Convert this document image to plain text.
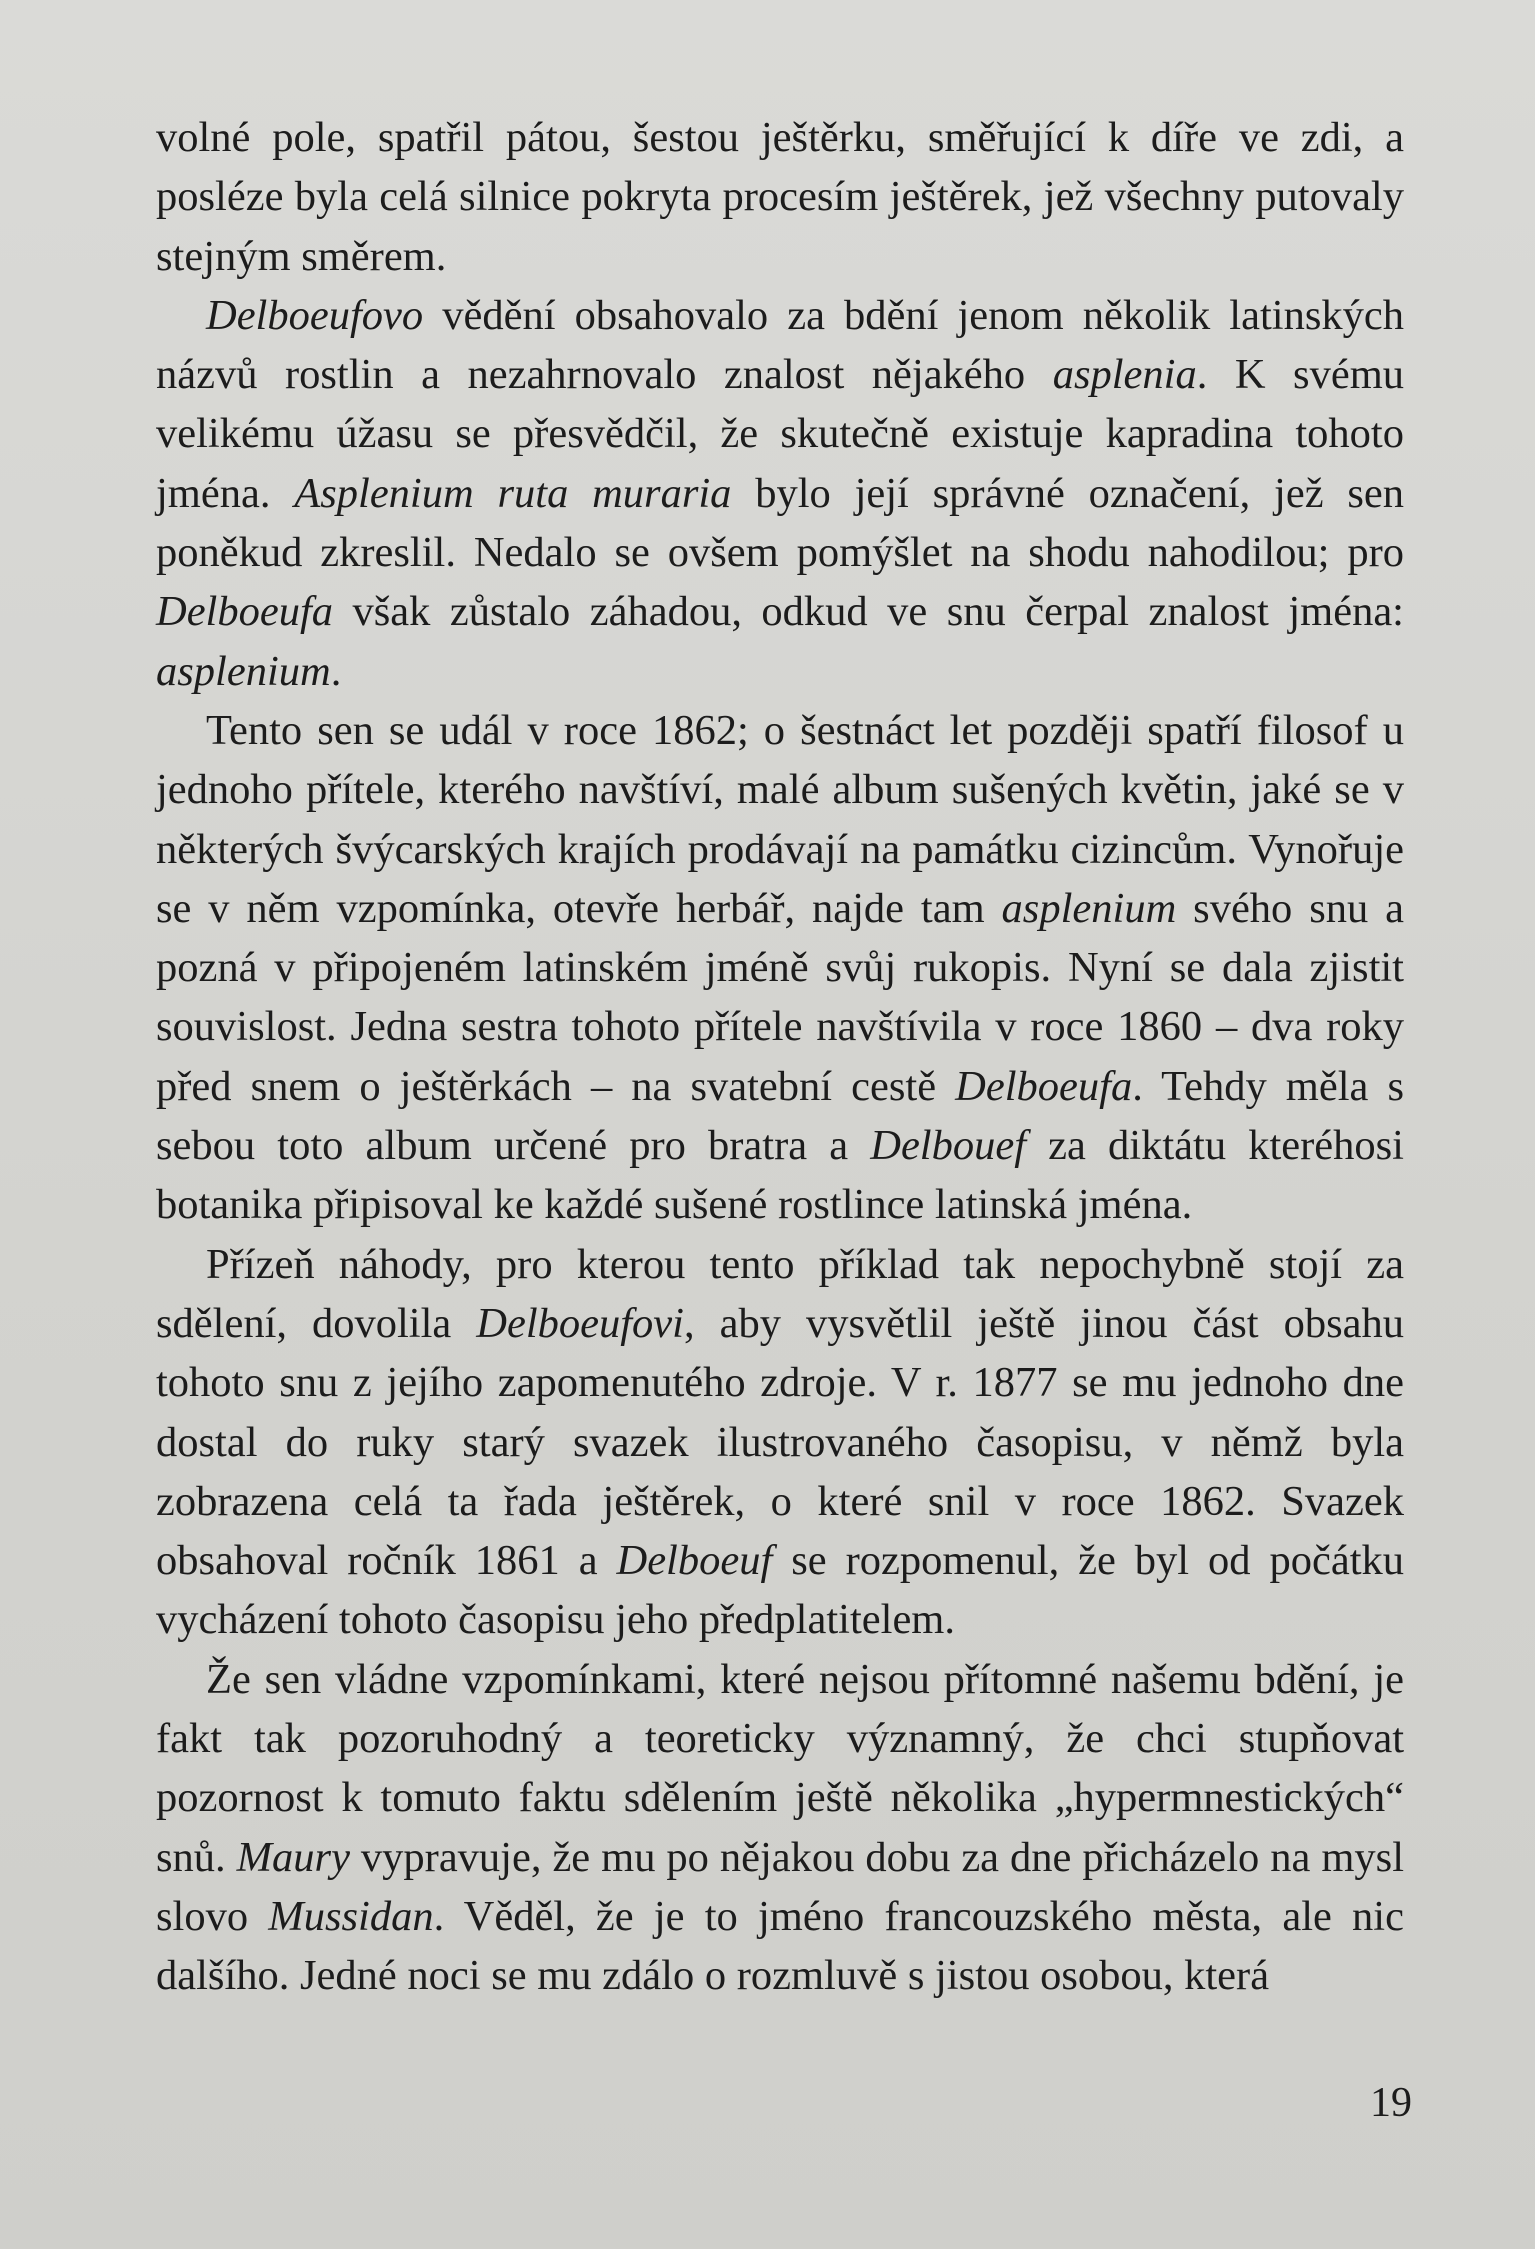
volné pole, spatřil pátou, šestou ještěrku, směřující k díře ve zdi, a posléze byla celá silnice pokryta procesím ještěrek, jež všechny putovaly stejným směrem.

Delboeufovo vědění obsahovalo za bdění jenom několik latinských názvů rostlin a nezahrnovalo znalost nějakého asplenia. K svému velikému úžasu se přesvědčil, že skutečně existuje kapradina tohoto jména. Asplenium ruta muraria bylo její správné označení, jež sen poněkud zkreslil. Nedalo se ovšem pomýšlet na shodu nahodilou; pro Delboeufa však zůstalo záhadou, odkud ve snu čerpal znalost jména: asplenium.

Tento sen se udál v roce 1862; o šestnáct let později spatří filosof u jednoho přítele, kterého navštíví, malé album sušených květin, jaké se v některých švýcarských krajích prodávají na památku cizincům. Vynořuje se v něm vzpomínka, otevře herbář, najde tam asplenium svého snu a pozná v připojeném latinském jméně svůj rukopis. Nyní se dala zjistit souvislost. Jedna sestra tohoto přítele navštívila v roce 1860 – dva roky před snem o ještěrkách – na svatební cestě Delboeufa. Tehdy měla s sebou toto album určené pro bratra a Delbouef za diktátu kteréhosi botanika připisoval ke každé sušené rostlince latinská jména.

Přízeň náhody, pro kterou tento příklad tak nepochybně stojí za sdělení, dovolila Delboeufovi, aby vysvětlil ještě jinou část obsahu tohoto snu z jejího zapomenutého zdroje. V r. 1877 se mu jednoho dne dostal do ruky starý svazek ilustrovaného časopisu, v němž byla zobrazena celá ta řada ještěrek, o které snil v roce 1862. Svazek obsahoval ročník 1861 a Delboeuf se rozpomenul, že byl od počátku vycházení tohoto časopisu jeho předplatitelem.

Že sen vládne vzpomínkami, které nejsou přítomné našemu bdění, je fakt tak pozoruhodný a teoreticky významný, že chci stupňovat pozornost k tomuto faktu sdělením ještě několika „hypermnestických“ snů. Maury vypravuje, že mu po nějakou dobu za dne přicházelo na mysl slovo Mussidan. Věděl, že je to jméno francouzského města, ale nic dalšího. Jedné noci se mu zdálo o rozmluvě s jistou osobou, která

19
